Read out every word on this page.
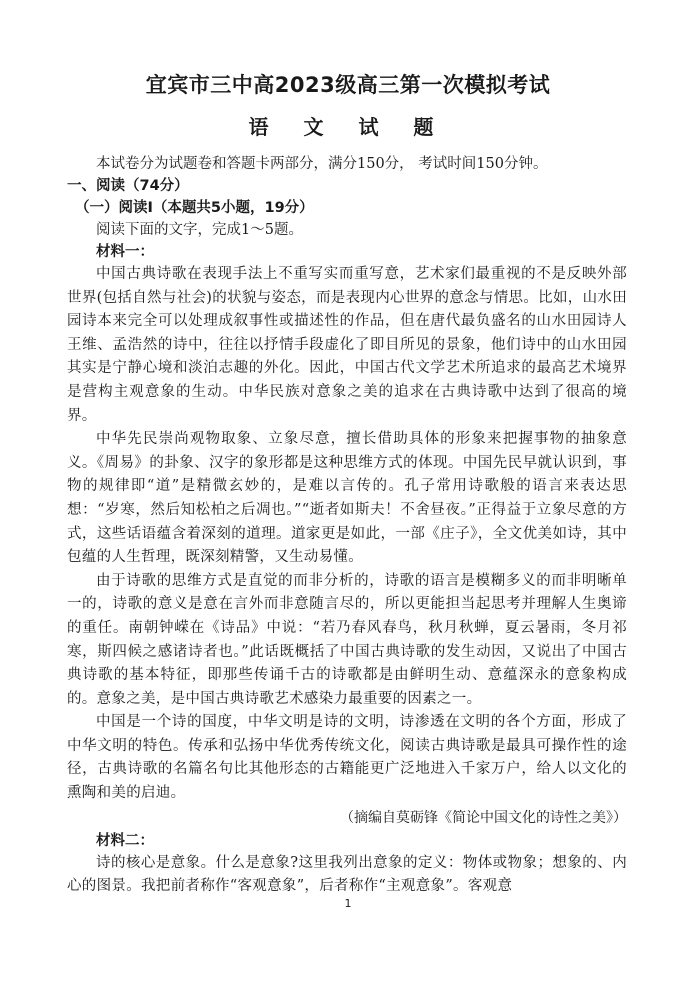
宜宾市三中高2023级高三第一次模拟考试
语 文 试 题

本试卷分为试题卷和答题卡两部分，满分150分， 考试时间150分钟。

一、阅读（74分）

（一）阅读Ⅰ（本题共5小题，19分）

阅读下面的文字，完成1～5题。

材料一：

中国古典诗歌在表现手法上不重写实而重写意，艺术家们最重视的不是反映外部世界(包括自然与社会)的状貌与姿态，而是表现内心世界的意念与情思。比如，山水田园诗本来完全可以处理成叙事性或描述性的作品，但在唐代最负盛名的山水田园诗人王维、孟浩然的诗中，往往以抒情手段虚化了即目所见的景象，他们诗中的山水田园其实是宁静心境和淡泊志趣的外化。因此，中国古代文学艺术所追求的最高艺术境界是营构主观意象的生动。中华民族对意象之美的追求在古典诗歌中达到了很高的境界。

中华先民崇尚观物取象、立象尽意，擅长借助具体的形象来把握事物的抽象意义。《周易》的卦象、汉字的象形都是这种思维方式的体现。中国先民早就认识到，事物的规律即“道”是精微玄妙的，是难以言传的。孔子常用诗歌般的语言来表达思想：“岁寒，然后知松柏之后凋也。”“逝者如斯夫！不舍昼夜。”正得益于立象尽意的方式，这些话语蕴含着深刻的道理。道家更是如此，一部《庄子》，全文优美如诗，其中包蕴的人生哲理，既深刻精警，又生动易懂。

由于诗歌的思维方式是直觉的而非分析的，诗歌的语言是模糊多义的而非明晰单一的，诗歌的意义是意在言外而非意随言尽的，所以更能担当起思考并理解人生奥谛的重任。南朝钟嵘在《诗品》中说：“若乃春风春鸟，秋月秋蝉，夏云暑雨，冬月祁寒，斯四候之感诸诗者也。”此话既概括了中国古典诗歌的发生动因，又说出了中国古典诗歌的基本特征，即那些传诵千古的诗歌都是由鲜明生动、意蕴深永的意象构成的。意象之美，是中国古典诗歌艺术感染力最重要的因素之一。

中国是一个诗的国度，中华文明是诗的文明，诗渗透在文明的各个方面，形成了中华文明的特色。传承和弘扬中华优秀传统文化，阅读古典诗歌是最具可操作性的途径，古典诗歌的名篇名句比其他形态的古籍能更广泛地进入千家万户，给人以文化的熏陶和美的启迪。

（摘编自莫砺锋《简论中国文化的诗性之美》）

材料二：

诗的核心是意象。什么是意象?这里我列出意象的定义：物体或物象；想象的、内心的图景。我把前者称作“客观意象”，后者称作“主观意象”。客观意

1
